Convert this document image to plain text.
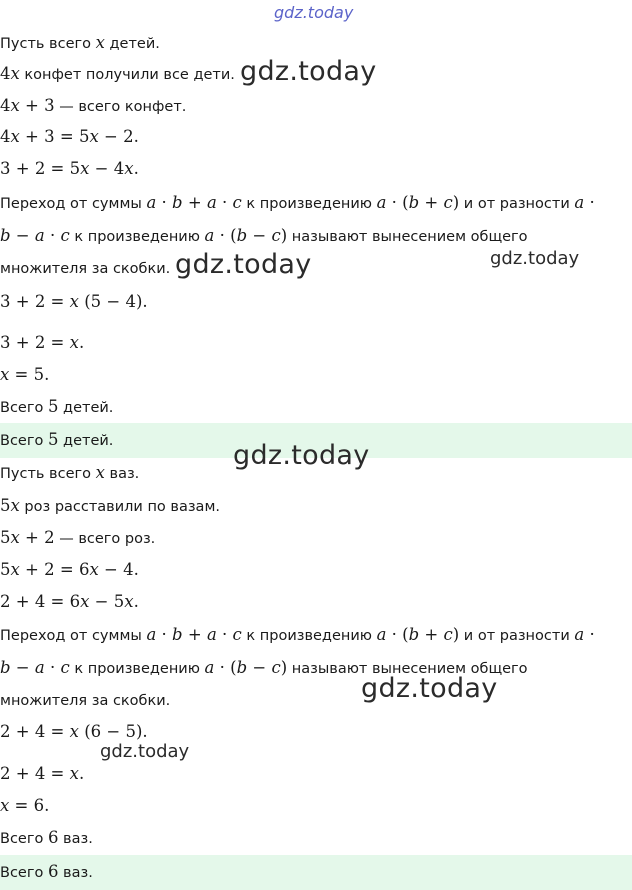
gdz.today
Пусть всего x детей.
4x конфет получили все дети.
4x + 3 — всего конфет.
4x + 3 = 5x − 2.
3 + 2 = 5x − 4x.
Переход от суммы a · b + a · c к произведению a · (b + c) и от разности a ·
b − a · c к произведению a · (b − c) называют вынесением общего
множителя за скобки.
3 + 2 = x (5 − 4).
3 + 2 = x.
x = 5.
Всего 5 детей.
Всего 5 детей.
Пусть всего x ваз.
5x роз расставили по вазам.
5x + 2 — всего роз.
5x + 2 = 6x − 4.
2 + 4 = 6x − 5x.
Переход от суммы a · b + a · c к произведению a · (b + c) и от разности a ·
b − a · c к произведению a · (b − c) называют вынесением общего
множителя за скобки.
2 + 4 = x (6 − 5).
2 + 4 = x.
x = 6.
Всего 6 ваз.
Всего 6 ваз.
gdz.today
gdz.today	gdz.today
gdz.today
gdz.today
gdz.today
